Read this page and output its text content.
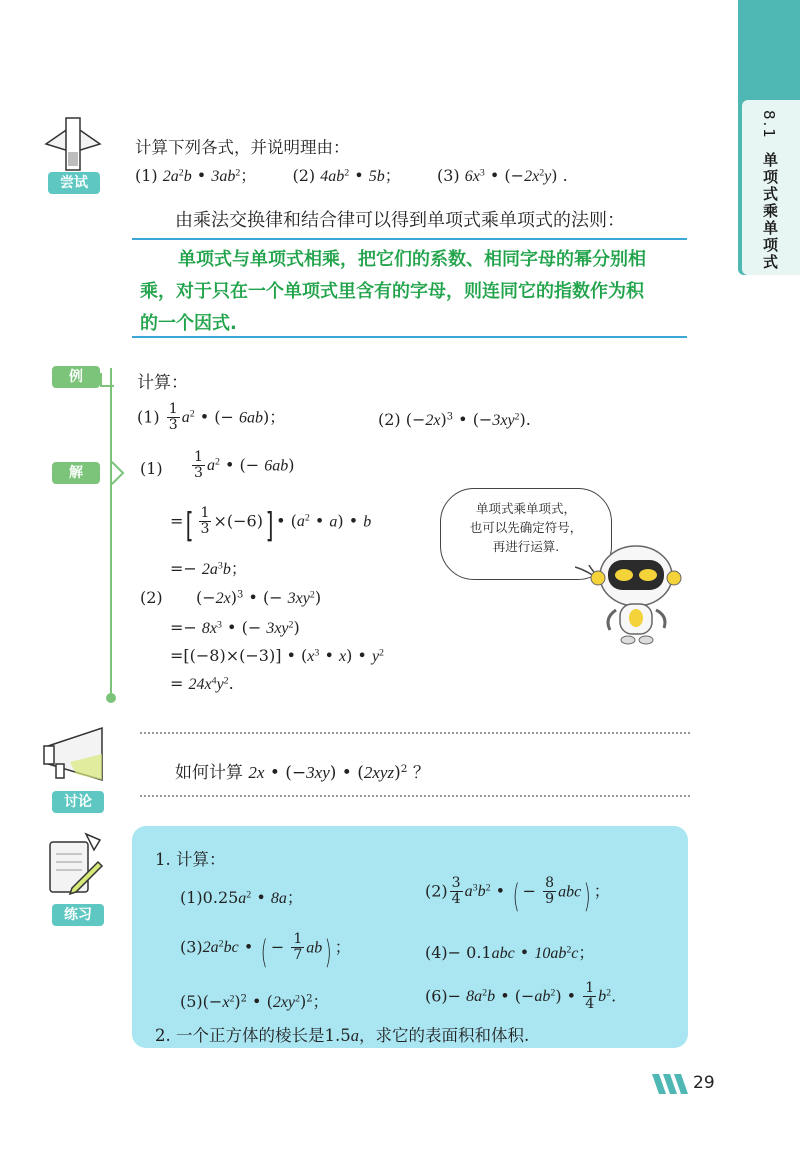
8.1
单项式乘单项式
尝试
计算下列各式，并说明理由：
(1) $2a^2b$ • $3ab^2$；  (2) $4ab^2$ • 5b；  (3) $6x^3$ • $(-2x^2y)$ .
由乘法交换律和结合律可以得到单项式乘单项式的法则：
单项式与单项式相乘，把它们的系数、相同字母的幂分别相
乘，对于只在一个单项式里含有的字母，则连同它的指数作为积
的一个因式.
例	计算：
$(1) \frac{1}{3} a^2$ • (− 6ab)；	(2) $(-2x)^3$ • $(-3xy^2)$.
解	$(1) \frac{1}{3} a^2$ • (− 6ab)
=[ $\frac{1}{3} \times(-6)$] • ($a^2$ • a) • b
=− $2a^3b$；
(2) $(-2x)^3$ • (− $3xy^2$)
=− $8x^3$ • (− $3xy^2$)
=[(−8)×(−3)] • ($x^3$ • x) • $y^2$
= $24x^4y^2$.
单项式乘单项式，
也可以先确定符号，
再进行运算.
讨论
如何计算 2x • (−3xy) • $(2xyz)^2$ ？
练习
1. 计算：
$(1)0.25a^2$ • 8a；	$(2) \frac{3}{4} a^3b^2$ • ( − $\frac{8}{9} abc$) ；
$(3)2a^2bc$ • ( − $\frac{1}{7} ab$) ；	(4)− 0.1abc • $10ab^2c$；
$(5)(-x^2)^2$ • $(2xy^2)^2$；	$(6)- 8a^2b$ • $(-ab^2)$ • $\frac{1}{4} b^2$.
2. 一个正方体的棱长是1.5a，求它的表面积和体积.
29
